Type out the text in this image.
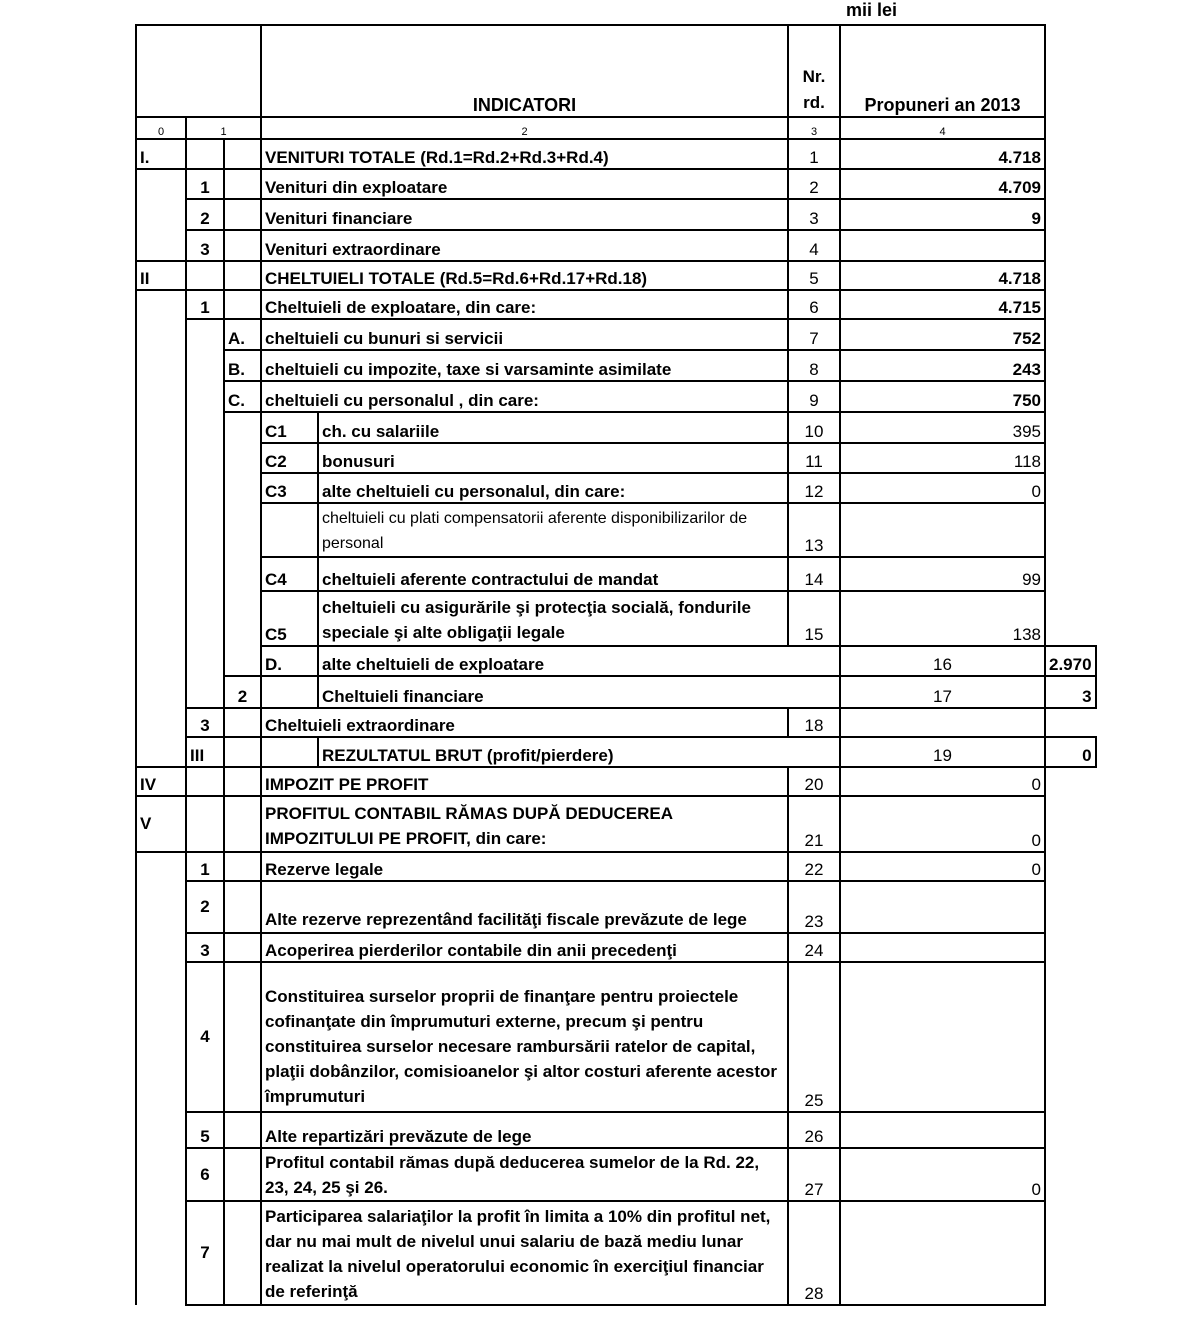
mii lei
			INDICATORI		Nr. rd.	Propuneri an 2013	
0	1		2		3	4	
I.			VENITURI TOTALE (Rd.1=Rd.2+Rd.3+Rd.4)		1	4.718	
	1		Venituri din exploatare		2	4.709	
	2		Venituri financiare		3	9	
	3		Venituri extraordinare		4		
II			CHELTUIELI TOTALE (Rd.5=Rd.6+Rd.17+Rd.18)		5	4.718	
	1		Cheltuieli de exploatare, din care:		6	4.715	
		A.	cheltuieli cu bunuri si servicii		7	752	
		B.	cheltuieli cu impozite, taxe si varsaminte asimilate		8	243	
		C.	cheltuieli cu personalul , din care:		9	750	
			C1	ch. cu salariile	10	395	
			C2	bonusuri	11	118	
			C3	alte cheltuieli cu personalul, din care:	12	0	
				cheltuieli cu plati compensatorii aferente disponibilizarilor de personal	13		
			C4	cheltuieli aferente contractului de mandat	14	99	
			C5	cheltuieli cu asigurările şi protecţia socială, fondurile speciale şi alte obligaţii legale	15	138	
			D.	alte cheltuieli de exploatare		16	2.970
		2		Cheltuieli financiare		17	3
	3		Cheltuieli extraordinare		18		
	III			REZULTATUL BRUT (profit/pierdere)		19	0
IV			IMPOZIT PE PROFIT		20	0	
V			PROFITUL CONTABIL RĂMAS DUPĂ DEDUCEREA IMPOZITULUI PE PROFIT, din care:		21	0	
	1		Rezerve legale		22	0	
	2		Alte rezerve reprezentând facilităţi fiscale prevăzute de lege		23		
	3		Acoperirea pierderilor contabile din anii precedenţi		24		
	4		Constituirea surselor proprii de finanţare pentru proiectele cofinanţate din împrumuturi externe, precum şi pentru constituirea surselor necesare rambursării ratelor de capital, plaţii dobânzilor, comisioanelor şi altor costuri aferente acestor împrumuturi		25		
	5		Alte repartizări prevăzute de lege		26		
	6		Profitul contabil rămas după deducerea sumelor de la Rd. 22, 23, 24, 25 şi 26.		27	0	
	7		Participarea salariaţilor la profit în limita a 10% din profitul net, dar nu mai mult de nivelul unui salariu de bază mediu lunar realizat la nivelul operatorului economic în exerciţiul financiar de referinţă		28		
